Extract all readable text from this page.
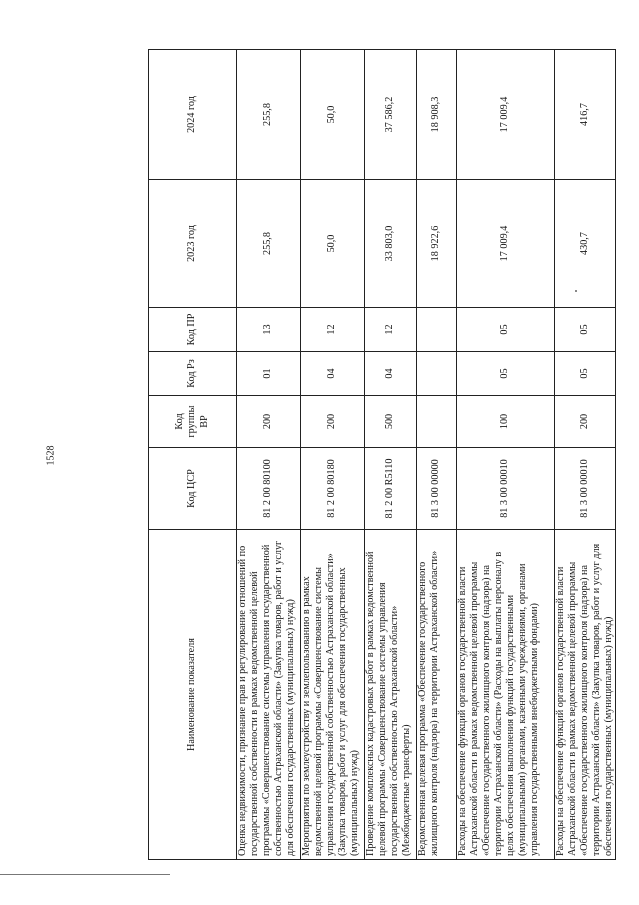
1528
Наименование показателя	Код ЦСР	Код группы ВР	Код Рз	Код ПР	2023 год	2024 год
Оценка недвижимости, признание прав и регулирование отношений по государственной собственности в рамках ведомственной целевой программы «Совершенствование системы управления государственной собственностью Астраханской области» (Закупка товаров, работ и услуг для обеспечения государственных (муниципальных) нужд)	81 2 00 80100	200	01	13	255,8	255,8
Мероприятия по землеустройству и землепользованию в рамках ведомственной целевой программы «Совершенствование системы управления государственной собственностью Астраханской области» (Закупка товаров, работ и услуг для обеспечения государственных (муниципальных) нужд)	81 2 00 80180	200	04	12	50,0	50,0
Проведение комплексных кадастровых работ в рамках ведомственной целевой программы «Совершенствование системы управления государственной собственностью Астраханской области» (Межбюджетные трансферты)	81 2 00 R5110	500	04	12	33 803,0	37 586,2
Ведомственная целевая программа «Обеспечение государственного жилищного контроля (надзора) на территории Астраханской области»	81 3 00 00000				18 922,6	18 908,3
Расходы на обеспечение функций органов государственной власти Астраханской области в рамках ведомственной целевой программы «Обеспечение государственного жилищного контроля (надзора) на территории Астраханской области» (Расходы на выплаты персоналу в целях обеспечения выполнения функций государственными (муниципальными) органами, казенными учреждениями, органами управления государственными внебюджетными фондами)	81 3 00 00010	100	05	05	17 009,4	17 009,4
Расходы на обеспечение функций органов государственной власти Астраханской области в рамках ведомственной целевой программы «Обеспечение государственного жилищного контроля (надзора) на территории Астраханской области» (Закупка товаров, работ и услуг для обеспечения государственных (муниципальных) нужд)	81 3 00 00010	200	05	05	430,7	416,7
